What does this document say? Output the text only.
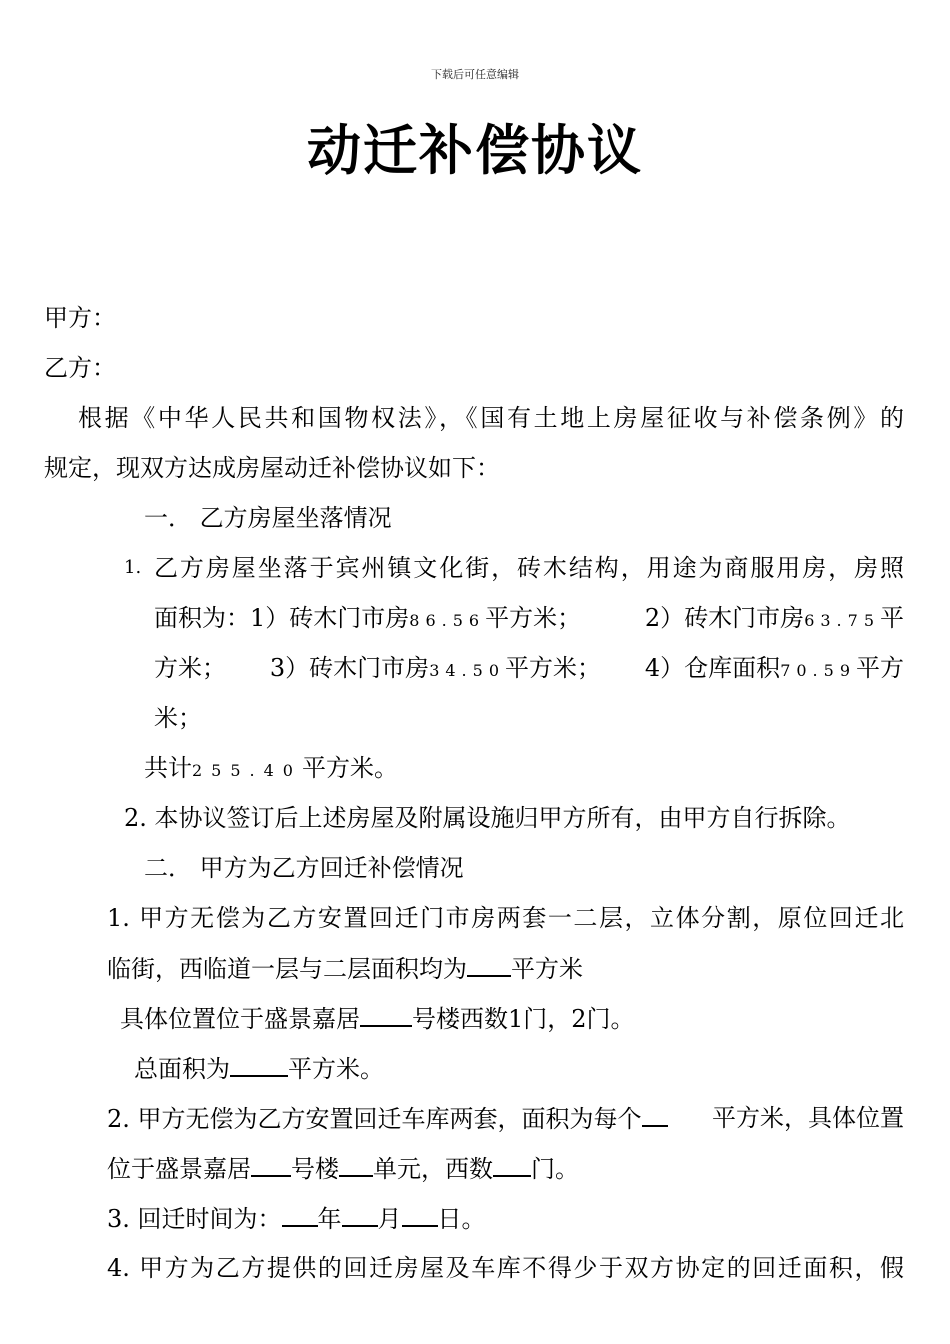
下载后可任意编辑
动迁补偿协议
甲方：
乙方：
根据《中华人民共和国物权法》，《国有土地上房屋征收与补偿条例》的
规定，现双方达成房屋动迁补偿协议如下：
一． 乙方房屋坐落情况
1. 乙方房屋坐落于宾州镇文化街，砖木结构，用途为商服用房，房照
面积为：1）砖木门市房86.56平方米；	2）砖木门市房63.75平
方米； 3）砖木门市房34.50平方米； 4）仓库面积70.59平方
米；
共计255.40平方米。
2. 本协议签订后上述房屋及附属设施归甲方所有，由甲方自行拆除。
二． 甲方为乙方回迁补偿情况
1. 甲方无偿为乙方安置回迁门市房两套一二层，立体分割，原位回迁北
临街，西临道一层与二层面积均为 平方米
具体位置位于盛景嘉居 号楼西数1门，2门。
总面积为 平方米。
2. 甲方无偿为乙方安置回迁车库两套，面积为每个	平方米，具体位置
位于盛景嘉居 号楼 单元，西数 门。
3. 回迁时间为： 年 月 日。
4. 甲方为乙方提供的回迁房屋及车库不得少于双方协定的回迁面积，假
